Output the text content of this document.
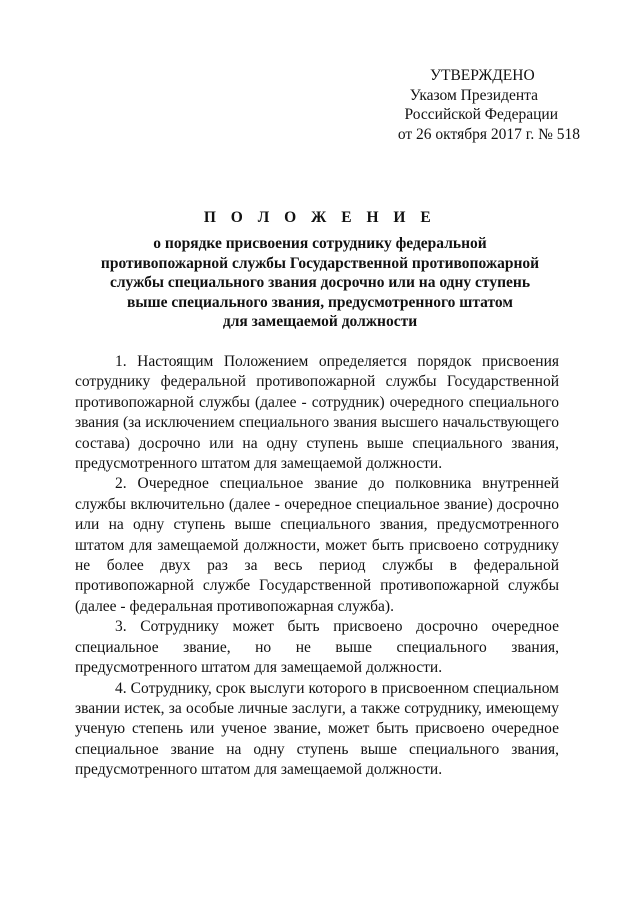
УТВЕРЖДЕНО
Указом Президента
Российской Федерации
от 26 октября 2017 г. № 518
П О Л О Ж Е Н И Е
о порядке присвоения сотруднику федеральной
противопожарной службы Государственной противопожарной
службы специального звания досрочно или на одну ступень
выше специального звания, предусмотренного штатом
для замещаемой должности

1. Настоящим Положением определяется порядок присвоения сотруднику федеральной противопожарной службы Государственной противопожарной службы (далее - сотрудник) очередного специального звания (за исключением специального звания высшего начальствующего состава) досрочно или на одну ступень выше специального звания, предусмотренного штатом для замещаемой должности.

2. Очередное специальное звание до полковника внутренней службы включительно (далее - очередное специальное звание) досрочно или на одну ступень выше специального звания, предусмотренного штатом для замещаемой должности, может быть присвоено сотруднику не более двух раз за весь период службы в федеральной противопожарной службе Государственной противопожарной службы (далее - федеральная противопожарная служба).

3. Сотруднику может быть присвоено досрочно очередное специальное звание, но не выше специального звания, предусмотренного штатом для замещаемой должности.

4. Сотруднику, срок выслуги которого в присвоенном специальном звании истек, за особые личные заслуги, а также сотруднику, имеющему ученую степень или ученое звание, может быть присвоено очередное специальное звание на одну ступень выше специального звания, предусмотренного штатом для замещаемой должности.
